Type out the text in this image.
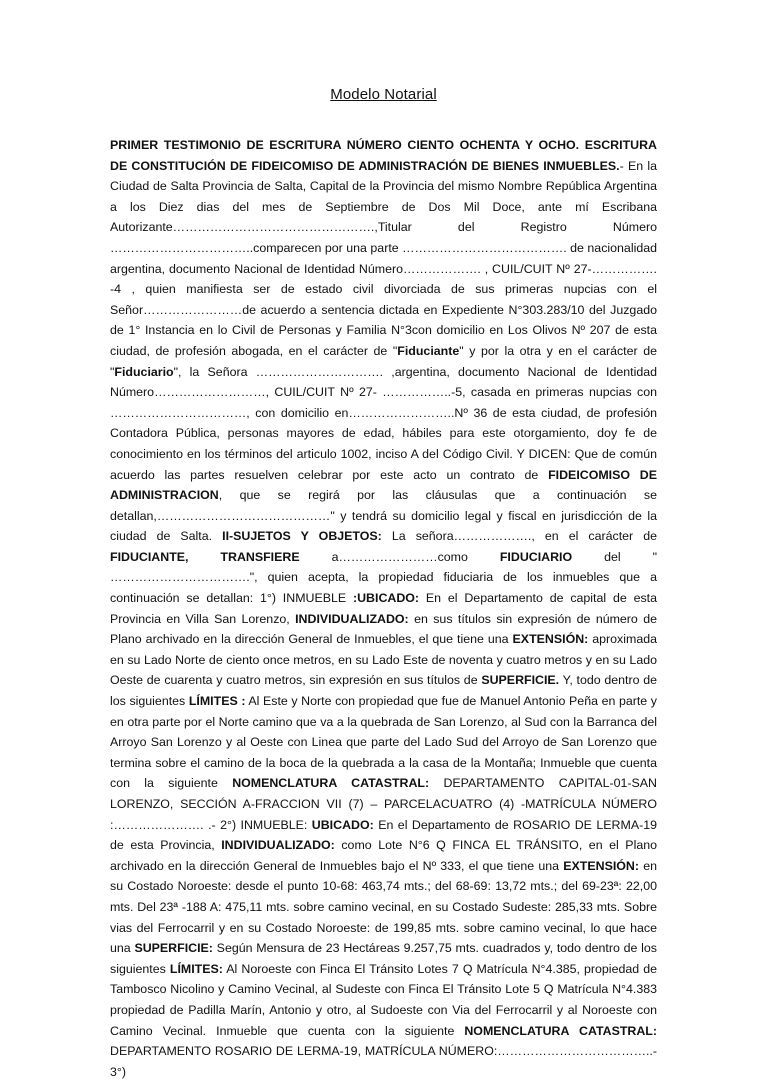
Modelo Notarial

PRIMER TESTIMONIO DE ESCRITURA NÚMERO CIENTO OCHENTA Y OCHO. ESCRITURA DE CONSTITUCIÓN DE FIDEICOMISO DE ADMINISTRACIÓN DE BIENES INMUEBLES.- En la Ciudad de Salta Provincia de Salta, Capital de la Provincia del mismo Nombre República Argentina a los Diez dias del mes de Septiembre de Dos Mil Doce, ante mí Escribana Autorizante………………………………………….,Titular del Registro Número ……………………………..comparecen por una parte …………………………………. de nacionalidad argentina, documento Nacional de Identidad Número………………. , CUIL/CUIT Nº 27-……………. -4 , quien manifiesta ser de estado civil divorciada de sus primeras nupcias con el Señor……………………de acuerdo a sentencia dictada en Expediente N°303.283/10 del Juzgado de 1° Instancia en lo Civil de Personas y Familia N°3con domicilio en Los Olivos Nº 207 de esta ciudad, de profesión abogada, en el carácter de "Fiduciante" y por la otra y en el carácter de "Fiduciario", la Señora …………………………. ,argentina, documento Nacional de Identidad Número………………………, CUIL/CUIT Nº 27- ……………..-5, casada en primeras nupcias con ……………………………, con domicilio en……………………..Nº 36 de esta ciudad, de profesión Contadora Pública, personas mayores de edad, hábiles para este otorgamiento, doy fe de conocimiento en los términos del articulo 1002, inciso A del Código Civil. Y DICEN: Que de común acuerdo las partes resuelven celebrar por este acto un contrato de FIDEICOMISO DE ADMINISTRACION, que se regirá por las cláusulas que a continuación se detallan,……………………………………" y tendrá su domicilio legal y fiscal en jurisdicción de la ciudad de Salta. II-SUJETOS Y OBJETOS: La señora………………., en el carácter de FIDUCIANTE, TRANSFIERE a……………………como FIDUCIARIO del " …………………………….", quien acepta, la propiedad fiduciaria de los inmuebles que a continuación se detallan: 1°) INMUEBLE :UBICADO: En el Departamento de capital de esta Provincia en Villa San Lorenzo, INDIVIDUALIZADO: en sus títulos sin expresión de número de Plano archivado en la dirección General de Inmuebles, el que tiene una EXTENSIÓN: aproximada en su Lado Norte de ciento once metros, en su Lado Este de noventa y cuatro metros y en su Lado Oeste de cuarenta y cuatro metros, sin expresión en sus títulos de SUPERFICIE. Y, todo dentro de los siguientes LÍMITES : Al Este y Norte con propiedad que fue de Manuel Antonio Peña en parte y en otra parte por el Norte camino que va a la quebrada de San Lorenzo, al Sud con la Barranca del Arroyo San Lorenzo y al Oeste con Linea que parte del Lado Sud del Arroyo de San Lorenzo que termina sobre el camino de la boca de la quebrada a la casa de la Montaña; Inmueble que cuenta con la siguiente NOMENCLATURA CATASTRAL: DEPARTAMENTO CAPITAL-01-SAN LORENZO, SECCIÓN A-FRACCION VII (7) – PARCELACUATRO (4) -MATRÍCULA NÚMERO :…………………. .- 2°) INMUEBLE: UBICADO: En el Departamento de ROSARIO DE LERMA-19 de esta Provincia, INDIVIDUALIZADO: como Lote N°6 Q FINCA EL TRÁNSITO, en el Plano archivado en la dirección General de Inmuebles bajo el Nº 333, el que tiene una EXTENSIÓN: en su Costado Noroeste: desde el punto 10-68: 463,74 mts.; del 68-69: 13,72 mts.; del 69-23ª: 22,00 mts. Del 23ª -188 A: 475,11 mts. sobre camino vecinal, en su Costado Sudeste: 285,33 mts. Sobre vias del Ferrocarril y en su Costado Noroeste: de 199,85 mts. sobre camino vecinal, lo que hace una SUPERFICIE: Según Mensura de 23 Hectáreas 9.257,75 mts. cuadrados y, todo dentro de los siguientes LÍMITES: Al Noroeste con Finca El Tránsito Lotes 7 Q Matrícula N°4.385, propiedad de Tambosco Nicolino y Camino Vecinal, al Sudeste con Finca El Tránsito Lote 5 Q Matrícula N°4.383 propiedad de Padilla Marín, Antonio y otro, al Sudoeste con Via del Ferrocarril y al Noroeste con Camino Vecinal. Inmueble que cuenta con la siguiente NOMENCLATURA CATASTRAL: DEPARTAMENTO ROSARIO DE LERMA-19, MATRÍCULA NÚMERO:………………………………..- 3°)
